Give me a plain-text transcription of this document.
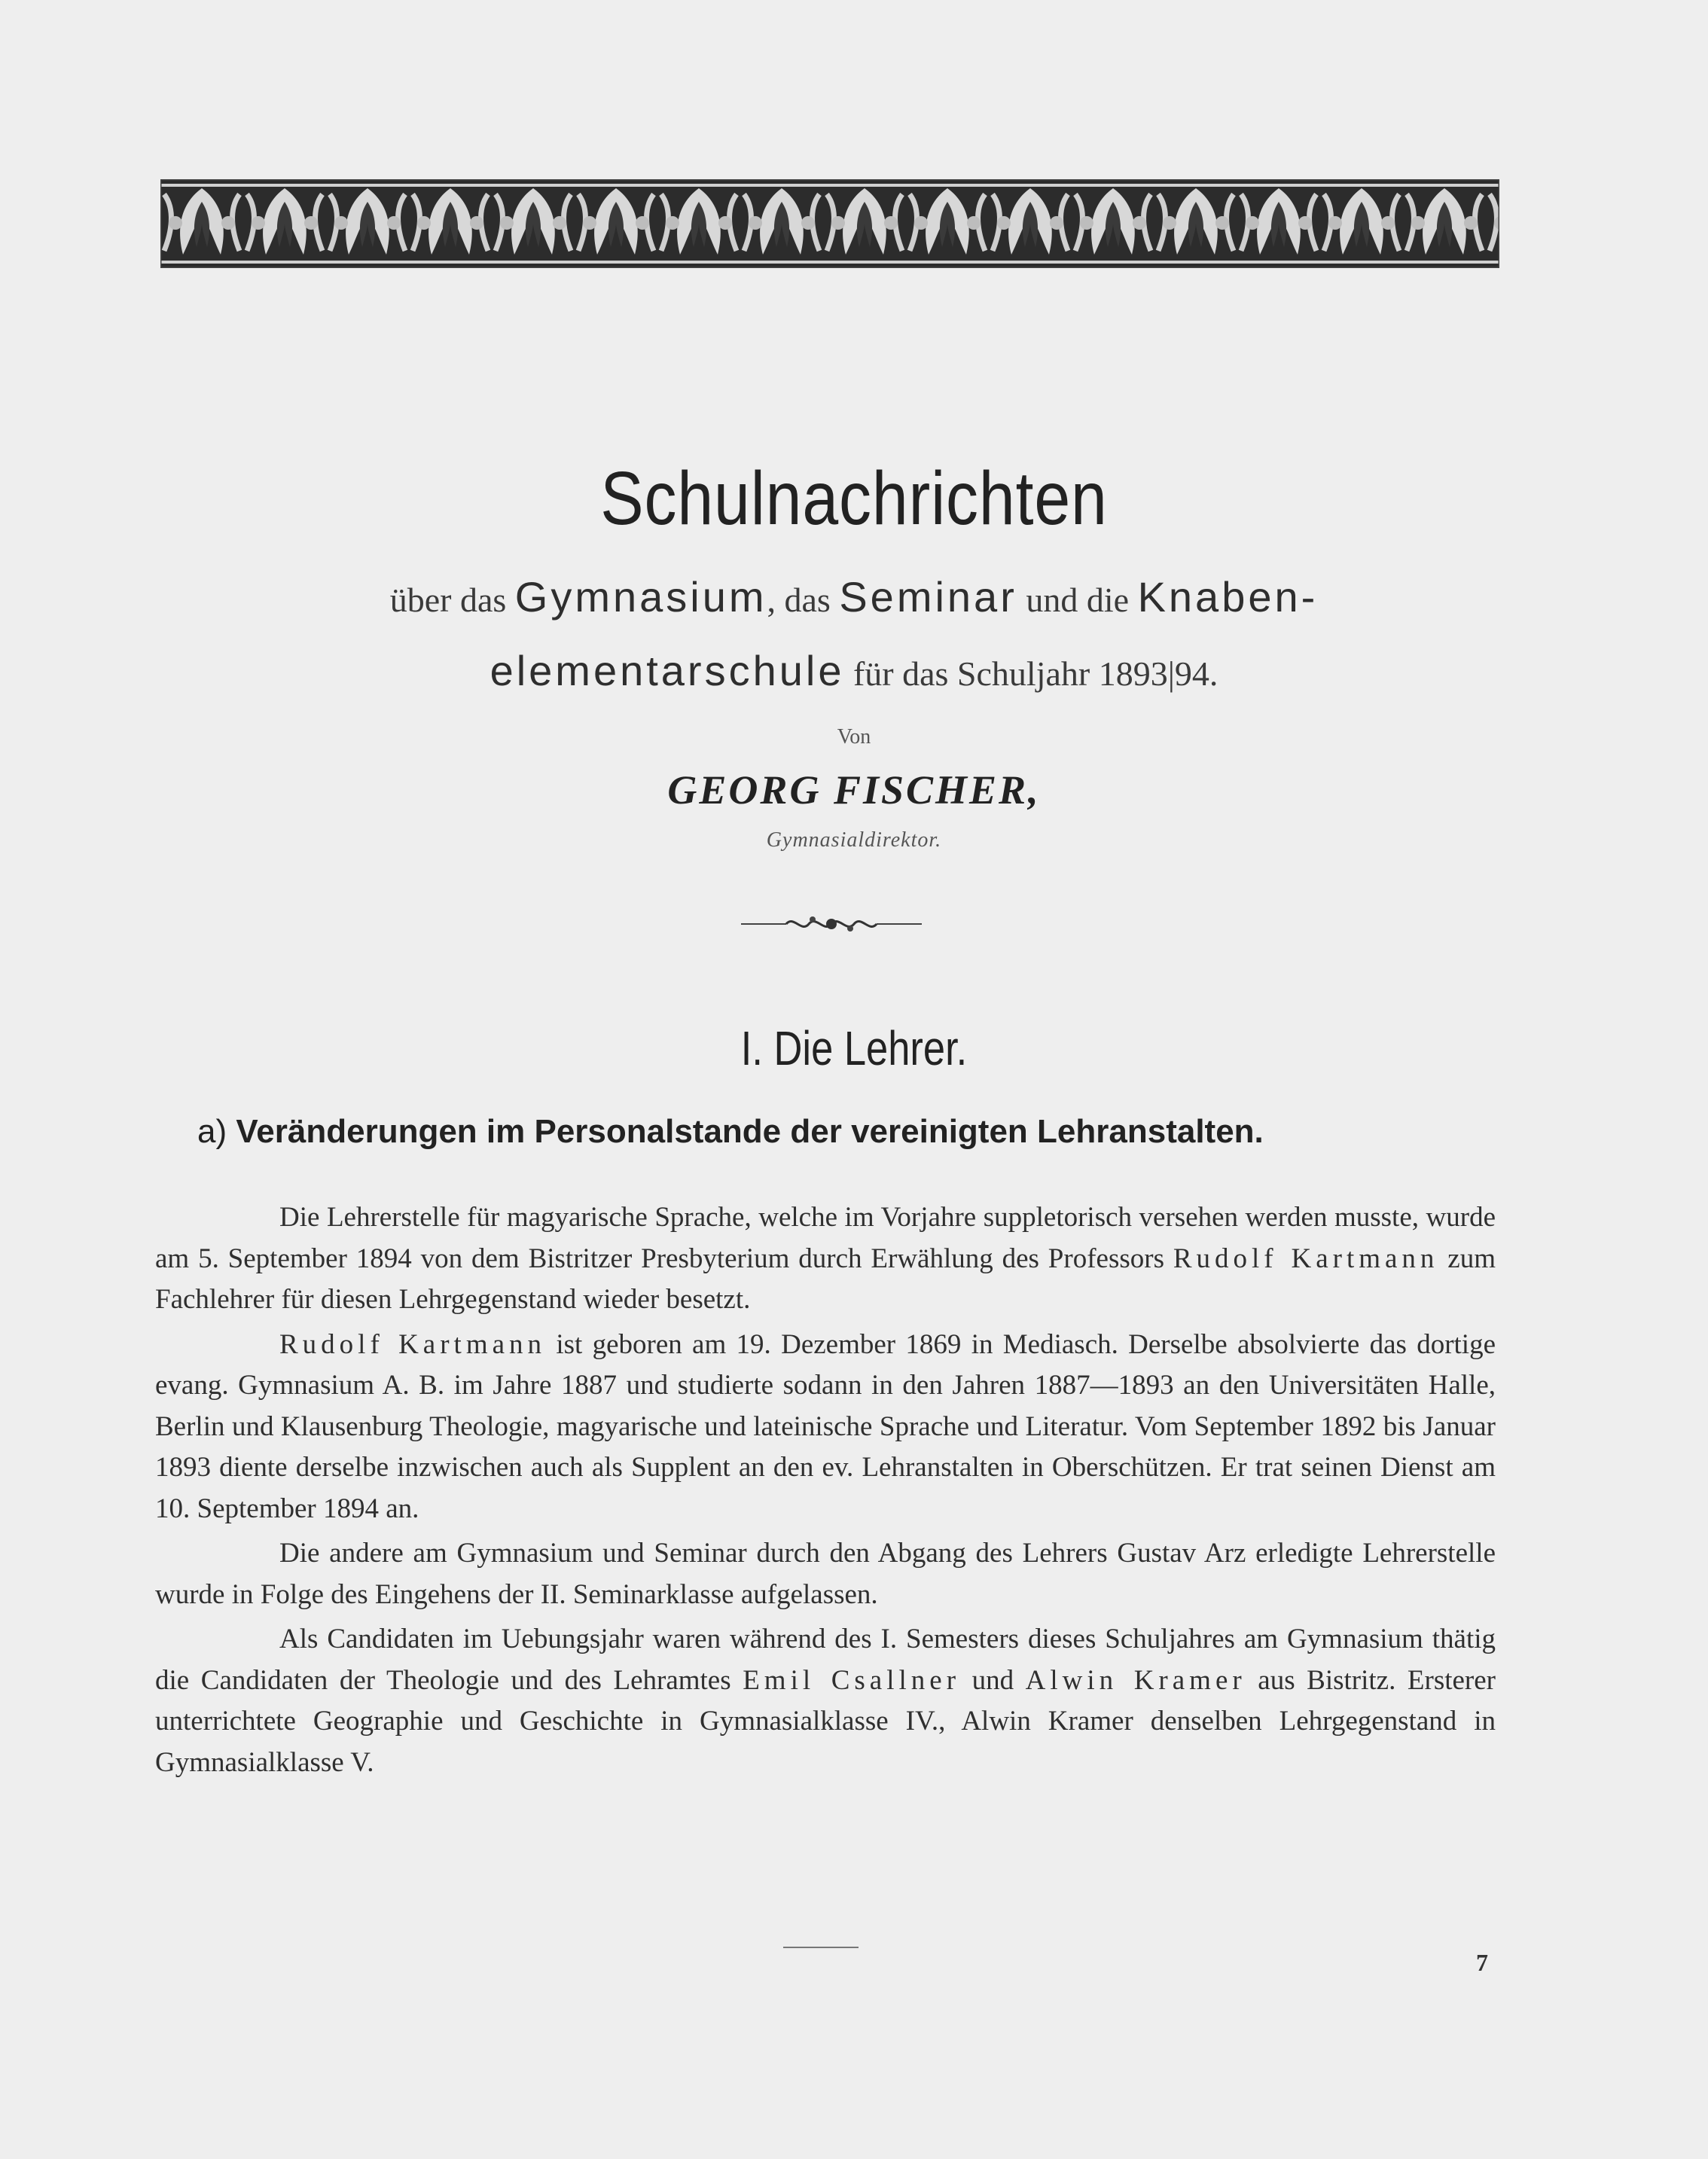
Schulnachrichten
über das Gymnasium, das Seminar und die Knaben-
elementarschule für das Schuljahr 1893|94.
Von
GEORG FISCHER,
Gymnasialdirektor.
I. Die Lehrer.
a) Veränderungen im Personalstande der vereinigten Lehranstalten.

Die Lehrerstelle für magyarische Sprache, welche im Vorjahre suppletorisch versehen werden musste, wurde am 5. September 1894 von dem Bistritzer Presbyterium durch Erwählung des Professors Rudolf Kartmann zum Fachlehrer für diesen Lehrgegenstand wieder besetzt.

Rudolf Kartmann ist geboren am 19. Dezember 1869 in Mediasch. Derselbe absolvierte das dortige evang. Gymnasium A. B. im Jahre 1887 und studierte sodann in den Jahren 1887—1893 an den Universitäten Halle, Berlin und Klausenburg Theologie, magyarische und lateinische Sprache und Literatur. Vom September 1892 bis Januar 1893 diente derselbe inzwischen auch als Supplent an den ev. Lehranstalten in Oberschützen. Er trat seinen Dienst am 10. September 1894 an.

Die andere am Gymnasium und Seminar durch den Abgang des Lehrers Gustav Arz erledigte Lehrerstelle wurde in Folge des Eingehens der II. Seminarklasse aufgelassen.

Als Candidaten im Uebungsjahr waren während des I. Semesters dieses Schuljahres am Gymnasium thätig die Candidaten der Theologie und des Lehramtes Emil Csallner und Alwin Kramer aus Bistritz. Ersterer unterrichtete Geographie und Geschichte in Gymnasialklasse IV., Alwin Kramer denselben Lehrgegenstand in Gymnasialklasse V.

7
